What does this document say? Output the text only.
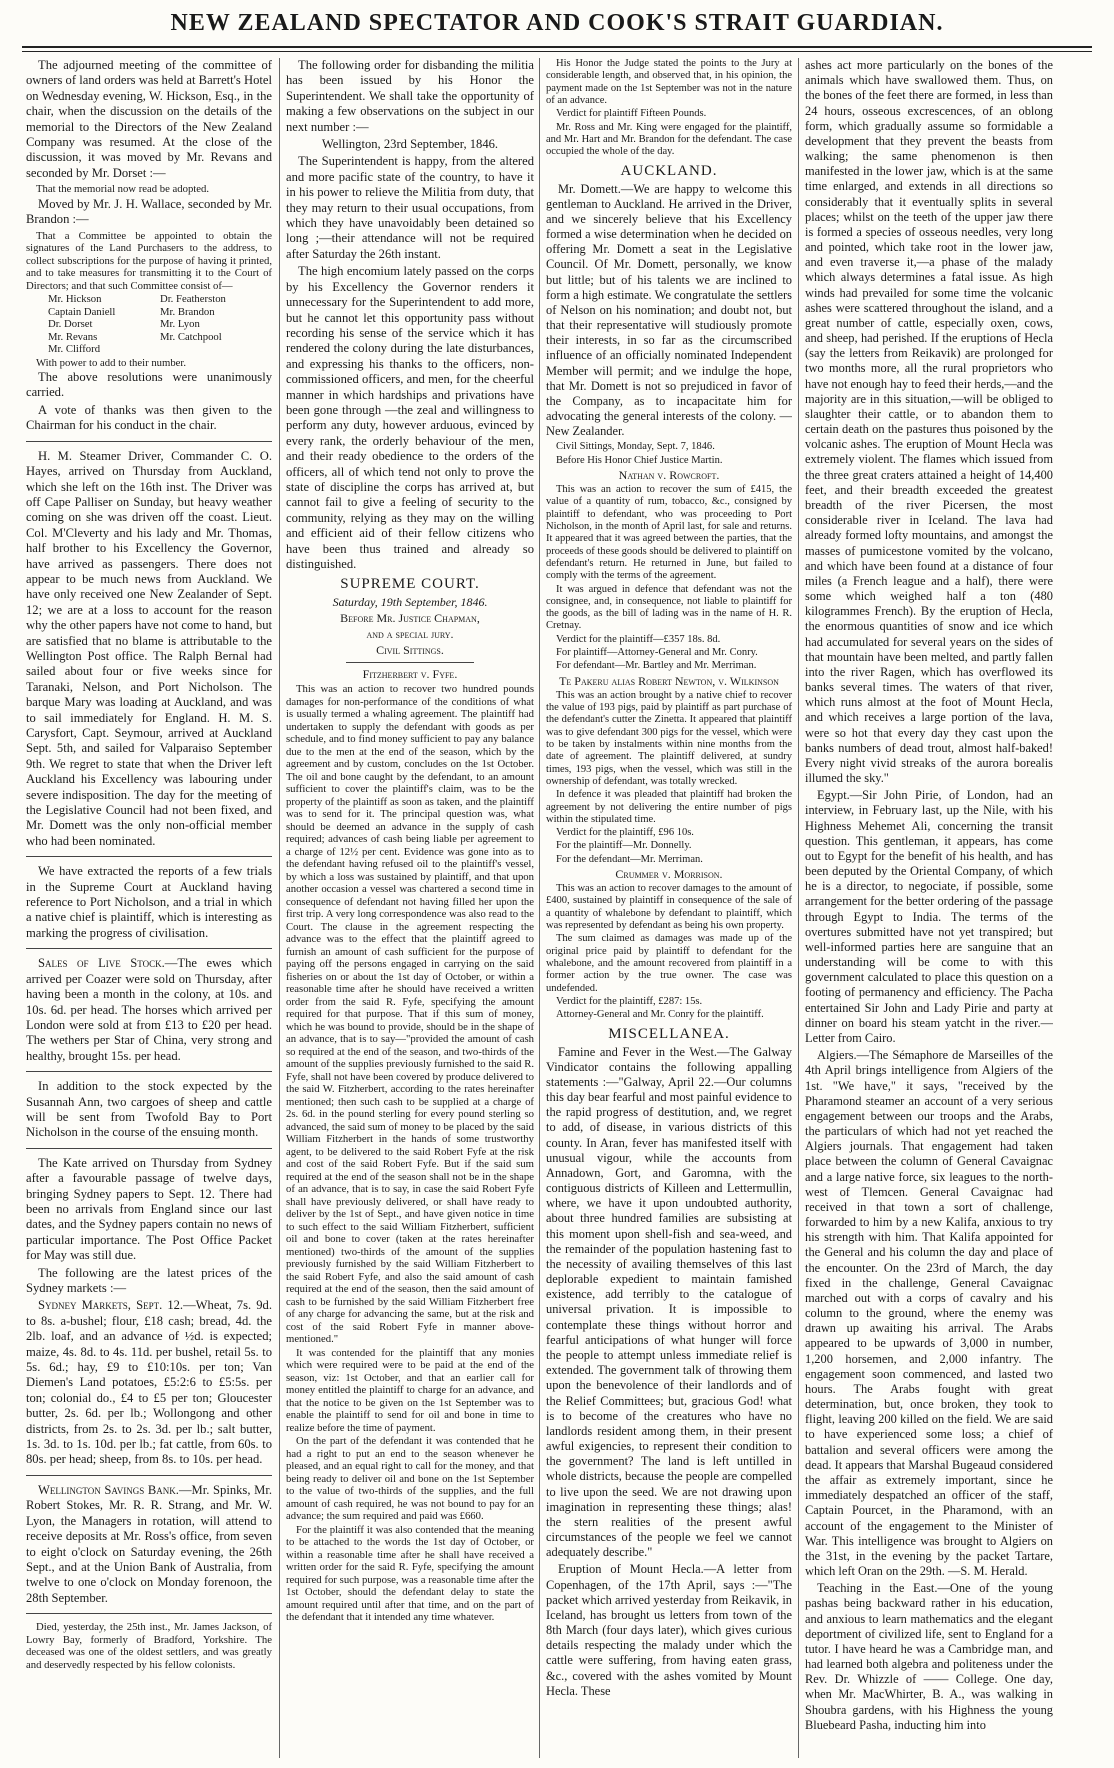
NEW ZEALAND SPECTATOR AND COOK'S STRAIT GUARDIAN.

The adjourned meeting of the committee of owners of land orders was held at Barrett's Hotel on Wednesday evening, W. Hickson, Esq., in the chair, when the discussion on the details of the memorial to the Directors of the New Zealand Company was resumed. At the close of the discussion, it was moved by Mr. Revans and seconded by Mr. Dorset :—

That the memorial now read be adopted.

Moved by Mr. J. H. Wallace, seconded by Mr. Brandon :—

That a Committee be appointed to obtain the signatures of the Land Purchasers to the address, to collect subscriptions for the purpose of having it printed, and to take measures for transmitting it to the Court of Directors; and that such Committee consist of—

Mr. Hickson	Dr. Featherston
Captain Daniell	Mr. Brandon
Dr. Dorset	Mr. Lyon
Mr. Revans	Mr. Catchpool
Mr. Clifford

With power to add to their number.

The above resolutions were unanimously carried.

A vote of thanks was then given to the Chairman for his conduct in the chair.

H. M. Steamer Driver, Commander C. O. Hayes, arrived on Thursday from Auckland, which she left on the 16th inst. The Driver was off Cape Palliser on Sunday, but heavy weather coming on she was driven off the coast. Lieut. Col. M'Cleverty and his lady and Mr. Thomas, half brother to his Excellency the Governor, have arrived as passengers. There does not appear to be much news from Auckland. We have only received one New Zealander of Sept. 12; we are at a loss to account for the reason why the other papers have not come to hand, but are satisfied that no blame is attributable to the Wellington Post office. The Ralph Bernal had sailed about four or five weeks since for Taranaki, Nelson, and Port Nicholson. The barque Mary was loading at Auckland, and was to sail immediately for England. H. M. S. Carysfort, Capt. Seymour, arrived at Auckland Sept. 5th, and sailed for Valparaiso September 9th. We regret to state that when the Driver left Auckland his Excellency was labouring under severe indisposition. The day for the meeting of the Legislative Council had not been fixed, and Mr. Domett was the only non-official member who had been nominated.

We have extracted the reports of a few trials in the Supreme Court at Auckland having reference to Port Nicholson, and a trial in which a native chief is plaintiff, which is interesting as marking the progress of civilisation.

Sales of Live Stock.—The ewes which arrived per Coazer were sold on Thursday, after having been a month in the colony, at 10s. and 10s. 6d. per head. The horses which arrived per London were sold at from £13 to £20 per head. The wethers per Star of China, very strong and healthy, brought 15s. per head.

In addition to the stock expected by the Susannah Ann, two cargoes of sheep and cattle will be sent from Twofold Bay to Port Nicholson in the course of the ensuing month.

The Kate arrived on Thursday from Sydney after a favourable passage of twelve days, bringing Sydney papers to Sept. 12. There had been no arrivals from England since our last dates, and the Sydney papers contain no news of particular importance. The Post Office Packet for May was still due.

The following are the latest prices of the Sydney markets :—

Sydney Markets, Sept. 12.—Wheat, 7s. 9d. to 8s. a-bushel; flour, £18 cash; bread, 4d. the 2lb. loaf, and an advance of ½d. is expected; maize, 4s. 8d. to 4s. 11d. per bushel, retail 5s. to 5s. 6d.; hay, £9 to £10:10s. per ton; Van Diemen's Land potatoes, £5:2:6 to £5:5s. per ton; colonial do., £4 to £5 per ton; Gloucester butter, 2s. 6d. per lb.; Wollongong and other districts, from 2s. to 2s. 3d. per lb.; salt butter, 1s. 3d. to 1s. 10d. per lb.; fat cattle, from 60s. to 80s. per head; sheep, from 8s. to 10s. per head.

Wellington Savings Bank.—Mr. Spinks, Mr. Robert Stokes, Mr. R. R. Strang, and Mr. W. Lyon, the Managers in rotation, will attend to receive deposits at Mr. Ross's office, from seven to eight o'clock on Saturday evening, the 26th Sept., and at the Union Bank of Australia, from twelve to one o'clock on Monday forenoon, the 28th September.

Died, yesterday, the 25th inst., Mr. James Jackson, of Lowry Bay, formerly of Bradford, Yorkshire. The deceased was one of the oldest settlers, and was greatly and deservedly respected by his fellow colonists.

The following order for disbanding the militia has been issued by his Honor the Superintendent. We shall take the opportunity of making a few observations on the subject in our next number :—

Wellington, 23rd September, 1846.

The Superintendent is happy, from the altered and more pacific state of the country, to have it in his power to relieve the Militia from duty, that they may return to their usual occupations, from which they have unavoidably been detained so long ;—their attendance will not be required after Saturday the 26th instant.

The high encomium lately passed on the corps by his Excellency the Governor renders it unnecessary for the Superintendent to add more, but he cannot let this opportunity pass without recording his sense of the service which it has rendered the colony during the late disturbances, and expressing his thanks to the officers, non-commissioned officers, and men, for the cheerful manner in which hardships and privations have been gone through —the zeal and willingness to perform any duty, however arduous, evinced by every rank, the orderly behaviour of the men, and their ready obedience to the orders of the officers, all of which tend not only to prove the state of discipline the corps has arrived at, but cannot fail to give a feeling of security to the community, relying as they may on the willing and efficient aid of their fellow citizens who have been thus trained and already so distinguished.

SUPREME COURT.
Saturday, 19th September, 1846.
Before Mr. Justice Chapman,
and a special jury.
Civil Sittings.
Fitzherbert v. Fyfe.

This was an action to recover two hundred pounds damages for non-performance of the conditions of what is usually termed a whaling agreement. The plaintiff had undertaken to supply the defendant with goods as per schedule, and to find money sufficient to pay any balance due to the men at the end of the season, which by the agreement and by custom, concludes on the 1st October. The oil and bone caught by the defendant, to an amount sufficient to cover the plaintiff's claim, was to be the property of the plaintiff as soon as taken, and the plaintiff was to send for it. The principal question was, what should be deemed an advance in the supply of cash required; advances of cash being liable per agreement to a charge of 12½ per cent. Evidence was gone into as to the defendant having refused oil to the plaintiff's vessel, by which a loss was sustained by plaintiff, and that upon another occasion a vessel was chartered a second time in consequence of defendant not having filled her upon the first trip. A very long correspondence was also read to the Court. The clause in the agreement respecting the advance was to the effect that the plaintiff agreed to furnish an amount of cash sufficient for the purpose of paying off the persons engaged in carrying on the said fisheries on or about the 1st day of October, or within a reasonable time after he should have received a written order from the said R. Fyfe, specifying the amount required for that purpose. That if this sum of money, which he was bound to provide, should be in the shape of an advance, that is to say—"provided the amount of cash so required at the end of the season, and two-thirds of the amount of the supplies previously furnished to the said R. Fyfe, shall not have been covered by produce delivered to the said W. Fitzherbert, according to the rates hereinafter mentioned; then such cash to be supplied at a charge of 2s. 6d. in the pound sterling for every pound sterling so advanced, the said sum of money to be placed by the said William Fitzherbert in the hands of some trustworthy agent, to be delivered to the said Robert Fyfe at the risk and cost of the said Robert Fyfe. But if the said sum required at the end of the season shall not be in the shape of an advance, that is to say, in case the said Robert Fyfe shall have previously delivered, or shall have ready to deliver by the 1st of Sept., and have given notice in time to such effect to the said William Fitzherbert, sufficient oil and bone to cover (taken at the rates hereinafter mentioned) two-thirds of the amount of the supplies previously furnished by the said William Fitzherbert to the said Robert Fyfe, and also the said amount of cash required at the end of the season, then the said amount of cash to be furnished by the said William Fitzherbert free of any charge for advancing the same, but at the risk and cost of the said Robert Fyfe in manner above-mentioned."

It was contended for the plaintiff that any monies which were required were to be paid at the end of the season, viz: 1st October, and that an earlier call for money entitled the plaintiff to charge for an advance, and that the notice to be given on the 1st September was to enable the plaintiff to send for oil and bone in time to realize before the time of payment.

On the part of the defendant it was contended that he had a right to put an end to the season whenever he pleased, and an equal right to call for the money, and that being ready to deliver oil and bone on the 1st September to the value of two-thirds of the supplies, and the full amount of cash required, he was not bound to pay for an advance; the sum required and paid was £660.

For the plaintiff it was also contended that the meaning to be attached to the words the 1st day of October, or within a reasonable time after he shall have received a written order for the said R. Fyfe, specifying the amount required for such purpose, was a reasonable time after the 1st October, should the defendant delay to state the amount required until after that time, and on the part of the defendant that it intended any time whatever.

His Honor the Judge stated the points to the Jury at considerable length, and observed that, in his opinion, the payment made on the 1st September was not in the nature of an advance.

Verdict for plaintiff Fifteen Pounds.

Mr. Ross and Mr. King were engaged for the plaintiff, and Mr. Hart and Mr. Brandon for the defendant. The case occupied the whole of the day.

AUCKLAND.

Mr. Domett.—We are happy to welcome this gentleman to Auckland. He arrived in the Driver, and we sincerely believe that his Excellency formed a wise determination when he decided on offering Mr. Domett a seat in the Legislative Council. Of Mr. Domett, personally, we know but little; but of his talents we are inclined to form a high estimate. We congratulate the settlers of Nelson on his nomination; and doubt not, but that their representative will studiously promote their interests, in so far as the circumscribed influence of an officially nominated Independent Member will permit; and we indulge the hope, that Mr. Domett is not so prejudiced in favor of the Company, as to incapacitate him for advocating the general interests of the colony. —New Zealander.

Civil Sittings, Monday, Sept. 7, 1846.

Before His Honor Chief Justice Martin.

Nathan v. Rowcroft.

This was an action to recover the sum of £415, the value of a quantity of rum, tobacco, &c., consigned by plaintiff to defendant, who was proceeding to Port Nicholson, in the month of April last, for sale and returns. It appeared that it was agreed between the parties, that the proceeds of these goods should be delivered to plaintiff on defendant's return. He returned in June, but failed to comply with the terms of the agreement.

It was argued in defence that defendant was not the consignee, and, in consequence, not liable to plaintiff for the goods, as the bill of lading was in the name of H. R. Cretnay.

Verdict for the plaintiff—£357 18s. 8d.

For plaintiff—Attorney-General and Mr. Conry.

For defendant—Mr. Bartley and Mr. Merriman.

Te Pakeru alias Robert Newton, v. Wilkinson

This was an action brought by a native chief to recover the value of 193 pigs, paid by plaintiff as part purchase of the defendant's cutter the Zinetta. It appeared that plaintiff was to give defendant 300 pigs for the vessel, which were to be taken by instalments within nine months from the date of agreement. The plaintiff delivered, at sundry times, 193 pigs, when the vessel, which was still in the ownership of defendant, was totally wrecked.

In defence it was pleaded that plaintiff had broken the agreement by not delivering the entire number of pigs within the stipulated time.

Verdict for the plaintiff, £96 10s.

For the plaintiff—Mr. Donnelly.

For the defendant—Mr. Merriman.

Crummer v. Morrison.

This was an action to recover damages to the amount of £400, sustained by plaintiff in consequence of the sale of a quantity of whalebone by defendant to plaintiff, which was represented by defendant as being his own property.

The sum claimed as damages was made up of the original price paid by plaintiff to defendant for the whalebone, and the amount recovered from plaintiff in a former action by the true owner. The case was undefended.

Verdict for the plaintiff, £287: 15s.

Attorney-General and Mr. Conry for the plaintiff.

MISCELLANEA.

Famine and Fever in the West.—The Galway Vindicator contains the following appalling statements :—"Galway, April 22.—Our columns this day bear fearful and most painful evidence to the rapid progress of destitution, and, we regret to add, of disease, in various districts of this county. In Aran, fever has manifested itself with unusual vigour, while the accounts from Annadown, Gort, and Garomna, with the contiguous districts of Killeen and Lettermullin, where, we have it upon undoubted authority, about three hundred families are subsisting at this moment upon shell-fish and sea-weed, and the remainder of the population hastening fast to the necessity of availing themselves of this last deplorable expedient to maintain famished existence, add terribly to the catalogue of universal privation. It is impossible to contemplate these things without horror and fearful anticipations of what hunger will force the people to attempt unless immediate relief is extended. The government talk of throwing them upon the benevolence of their landlords and of the Relief Committees; but, gracious God! what is to become of the creatures who have no landlords resident among them, in their present awful exigencies, to represent their condition to the government? The land is left untilled in whole districts, because the people are compelled to live upon the seed. We are not drawing upon imagination in representing these things; alas! the stern realities of the present awful circumstances of the people we feel we cannot adequately describe."

Eruption of Mount Hecla.—A letter from Copenhagen, of the 17th April, says :—"The packet which arrived yesterday from Reikavik, in Iceland, has brought us letters from town of the 8th March (four days later), which gives curious details respecting the malady under which the cattle were suffering, from having eaten grass, &c., covered with the ashes vomited by Mount Hecla. These

ashes act more particularly on the bones of the animals which have swallowed them. Thus, on the bones of the feet there are formed, in less than 24 hours, osseous excrescences, of an oblong form, which gradually assume so formidable a development that they prevent the beasts from walking; the same phenomenon is then manifested in the lower jaw, which is at the same time enlarged, and extends in all directions so considerably that it eventually splits in several places; whilst on the teeth of the upper jaw there is formed a species of osseous needles, very long and pointed, which take root in the lower jaw, and even traverse it,—a phase of the malady which always determines a fatal issue. As high winds had prevailed for some time the volcanic ashes were scattered throughout the island, and a great number of cattle, especially oxen, cows, and sheep, had perished. If the eruptions of Hecla (say the letters from Reikavik) are prolonged for two months more, all the rural proprietors who have not enough hay to feed their herds,—and the majority are in this situation,—will be obliged to slaughter their cattle, or to abandon them to certain death on the pastures thus poisoned by the volcanic ashes. The eruption of Mount Hecla was extremely violent. The flames which issued from the three great craters attained a height of 14,400 feet, and their breadth exceeded the greatest breadth of the river Picersen, the most considerable river in Iceland. The lava had already formed lofty mountains, and amongst the masses of pumicestone vomited by the volcano, and which have been found at a distance of four miles (a French league and a half), there were some which weighed half a ton (480 kilogrammes French). By the eruption of Hecla, the enormous quantities of snow and ice which had accumulated for several years on the sides of that mountain have been melted, and partly fallen into the river Ragen, which has overflowed its banks several times. The waters of that river, which runs almost at the foot of Mount Hecla, and which receives a large portion of the lava, were so hot that every day they cast upon the banks numbers of dead trout, almost half-baked! Every night vivid streaks of the aurora borealis illumed the sky."

Egypt.—Sir John Pirie, of London, had an interview, in February last, up the Nile, with his Highness Mehemet Ali, concerning the transit question. This gentleman, it appears, has come out to Egypt for the benefit of his health, and has been deputed by the Oriental Company, of which he is a director, to negociate, if possible, some arrangement for the better ordering of the passage through Egypt to India. The terms of the overtures submitted have not yet transpired; but well-informed parties here are sanguine that an understanding will be come to with this government calculated to place this question on a footing of permanency and efficiency. The Pacha entertained Sir John and Lady Pirie and party at dinner on board his steam yatcht in the river.—Letter from Cairo.

Algiers.—The Sémaphore de Marseilles of the 4th April brings intelligence from Algiers of the 1st. "We have," it says, "received by the Pharamond steamer an account of a very serious engagement between our troops and the Arabs, the particulars of which had not yet reached the Algiers journals. That engagement had taken place between the column of General Cavaignac and a large native force, six leagues to the north-west of Tlemcen. General Cavaignac had received in that town a sort of challenge, forwarded to him by a new Kalifa, anxious to try his strength with him. That Kalifa appointed for the General and his column the day and place of the encounter. On the 23rd of March, the day fixed in the challenge, General Cavaignac marched out with a corps of cavalry and his column to the ground, where the enemy was drawn up awaiting his arrival. The Arabs appeared to be upwards of 3,000 in number, 1,200 horsemen, and 2,000 infantry. The engagement soon commenced, and lasted two hours. The Arabs fought with great determination, but, once broken, they took to flight, leaving 200 killed on the field. We are said to have experienced some loss; a chief of battalion and several officers were among the dead. It appears that Marshal Bugeaud considered the affair as extremely important, since he immediately despatched an officer of the staff, Captain Pourcet, in the Pharamond, with an account of the engagement to the Minister of War. This intelligence was brought to Algiers on the 31st, in the evening by the packet Tartare, which left Oran on the 29th. —S. M. Herald.

Teaching in the East.—One of the young pashas being backward rather in his education, and anxious to learn mathematics and the elegant deportment of civilized life, sent to England for a tutor. I have heard he was a Cambridge man, and had learned both algebra and politeness under the Rev. Dr. Whizzle of —— College. One day, when Mr. MacWhirter, B. A., was walking in Shoubra gardens, with his Highness the young Bluebeard Pasha, inducting him into
